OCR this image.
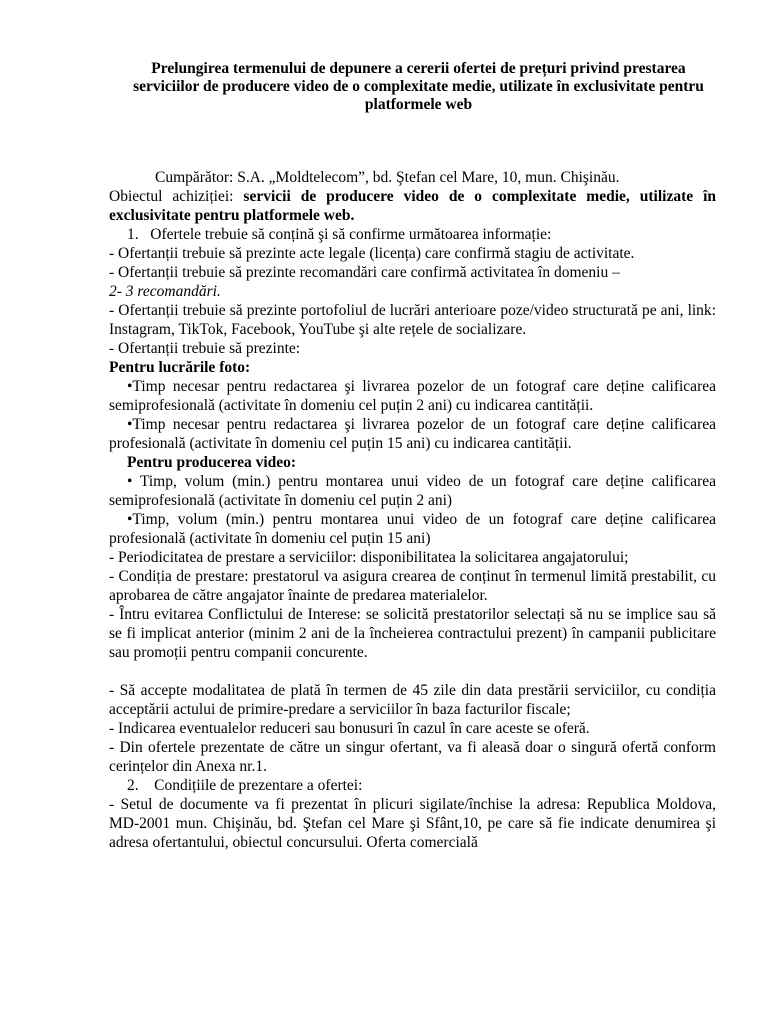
Prelungirea termenului de depunere a cererii ofertei de prețuri privind prestarea serviciilor de producere video de o complexitate medie, utilizate în exclusivitate pentru platformele web

Cumpărător: S.A. „Moldtelecom”, bd. Ştefan cel Mare, 10, mun. Chişinău.

Obiectul achiziției: servicii de producere video de o complexitate medie, utilizate în exclusivitate pentru platformele web.

1.   Ofertele trebuie să conțină şi să confirme următoarea informație:

- Ofertanții trebuie să prezinte acte legale (licența) care confirmă stagiu de activitate.

- Ofertanții trebuie să prezinte recomandări care confirmă activitatea în domeniu –

2- 3 recomandări.

- Ofertanții trebuie să prezinte portofoliul de lucrări anterioare poze/video structurată pe ani, link: Instagram, TikTok, Facebook, YouTube şi alte rețele de socializare.

- Ofertanții trebuie să prezinte:

Pentru lucrările foto:

•Timp necesar pentru redactarea şi livrarea pozelor de un fotograf care deține calificarea semiprofesională (activitate în domeniu cel puțin 2 ani) cu indicarea cantității.

•Timp necesar pentru redactarea şi livrarea pozelor de un fotograf care deține calificarea profesională (activitate în domeniu cel puțin 15 ani) cu indicarea cantității.

Pentru producerea video:

• Timp, volum (min.) pentru montarea unui video de un fotograf care deține calificarea semiprofesională (activitate în domeniu cel puțin 2 ani)

•Timp, volum (min.) pentru montarea unui video de un fotograf care deține calificarea profesională (activitate în domeniu cel puțin 15 ani)

- Periodicitatea de prestare a serviciilor: disponibilitatea la solicitarea angajatorului;

- Condiția de prestare: prestatorul va asigura crearea de conținut în termenul limită prestabilit, cu aprobarea de către angajator înainte de predarea materialelor.

- Întru evitarea Conflictului de Interese: se solicită prestatorilor selectați să nu se implice sau să se fi implicat anterior (minim 2 ani de la încheierea contractului prezent) în campanii publicitare sau promoții pentru companii concurente.

- Să accepte modalitatea de plată în termen de 45 zile din data prestării serviciilor, cu condiția acceptării actului de primire-predare a serviciilor în baza facturilor fiscale;

- Indicarea eventualelor reduceri sau bonusuri în cazul în care aceste se oferă.

- Din ofertele prezentate de către un singur ofertant, va fi aleasă doar o singură ofertă conform cerințelor din Anexa nr.1.

2.    Condițiile de prezentare a ofertei:

- Setul de documente va fi prezentat în plicuri sigilate/închise la adresa: Republica Moldova, MD-2001 mun. Chişinău, bd. Ştefan cel Mare şi Sfânt,10, pe care să fie indicate denumirea şi adresa ofertantului, obiectul concursului. Oferta comercială
